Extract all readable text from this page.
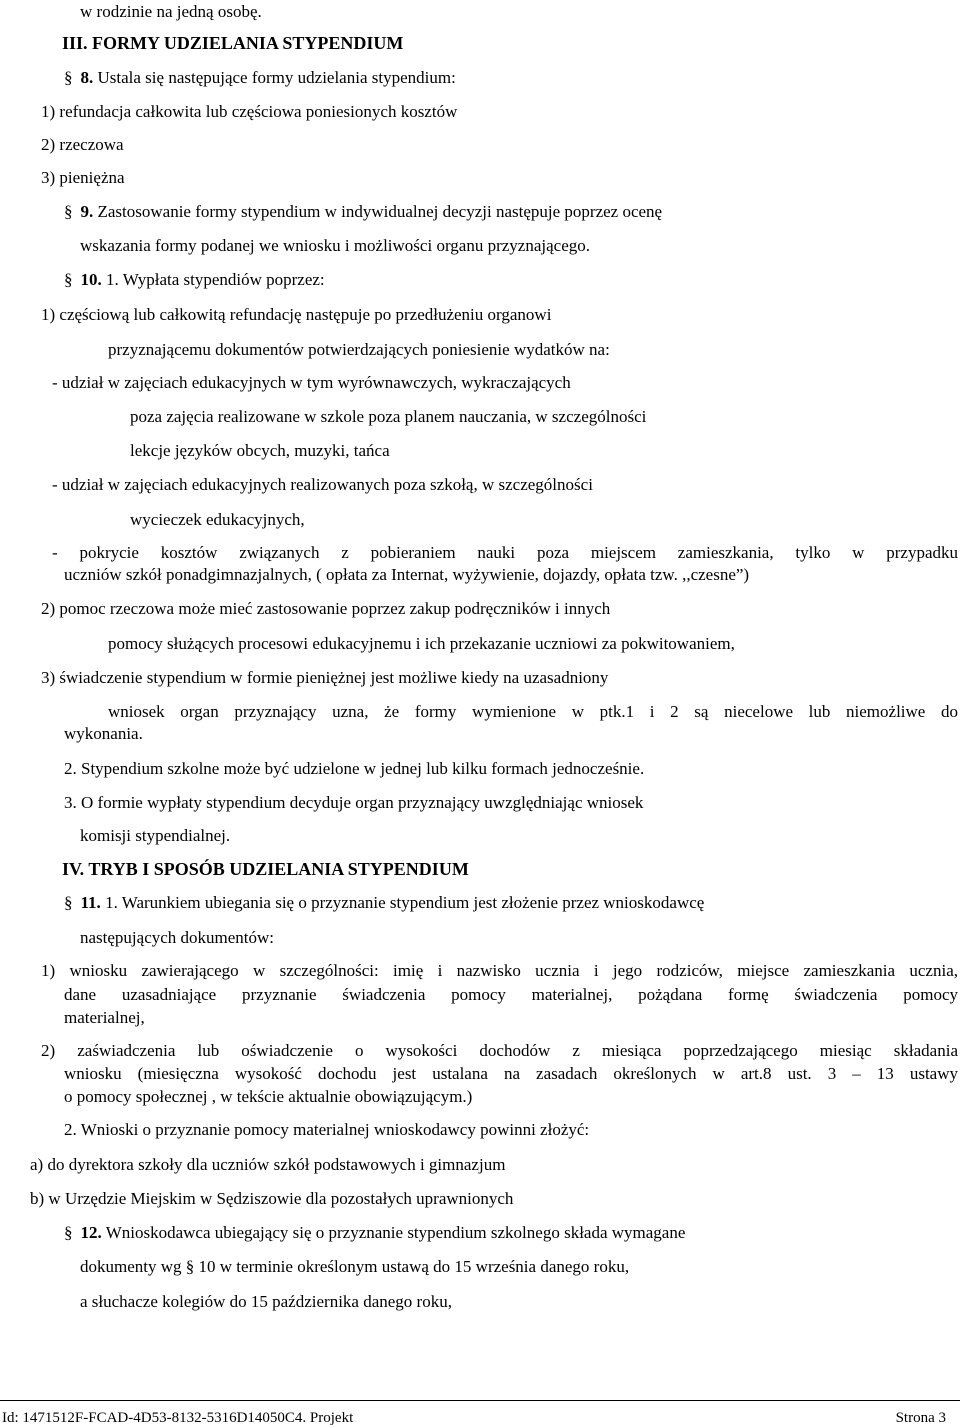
w rodzinie na jedną osobę.
III. FORMY UDZIELANIA STYPENDIUM
§ 8. Ustala się następujące formy udzielania stypendium:
1) refundacja całkowita lub częściowa poniesionych kosztów
2) rzeczowa
3) pieniężna
§ 9. Zastosowanie formy stypendium w indywidualnej decyzji następuje poprzez ocenę
wskazania formy podanej we wniosku i możliwości organu przyznającego.
§ 10. 1. Wypłata stypendiów poprzez:
1) częściową lub całkowitą refundację następuje po przedłużeniu organowi
przyznającemu dokumentów potwierdzających poniesienie wydatków na:
- udział w zajęciach edukacyjnych w tym wyrównawczych, wykraczających
poza zajęcia realizowane w szkole poza planem nauczania, w szczególności
lekcje języków obcych, muzyki, tańca
- udział w zajęciach edukacyjnych realizowanych poza szkołą, w szczególności
wycieczek edukacyjnych,
- pokrycie kosztów związanych z pobieraniem nauki poza miejscem zamieszkania, tylko w przypadku
uczniów szkół ponadgimnazjalnych, ( opłata za Internat, wyżywienie, dojazdy, opłata tzw. ,,czesne”)
2) pomoc rzeczowa może mieć zastosowanie poprzez zakup podręczników i innych
pomocy służących procesowi edukacyjnemu i ich przekazanie uczniowi za pokwitowaniem,
3) świadczenie stypendium w formie pieniężnej jest możliwe kiedy na uzasadniony
wniosek organ przyznający uzna, że formy wymienione w ptk.1 i 2 są niecelowe lub niemożliwe do
wykonania.
2. Stypendium szkolne może być udzielone w jednej lub kilku formach jednocześnie.
3. O formie wypłaty stypendium decyduje organ przyznający uwzględniając wniosek
komisji stypendialnej.
IV. TRYB I SPOSÓB UDZIELANIA STYPENDIUM
§ 11. 1. Warunkiem ubiegania się o przyznanie stypendium jest złożenie przez wnioskodawcę
następujących dokumentów:
1) wniosku zawierającego w szczególności: imię i nazwisko ucznia i jego rodziców, miejsce zamieszkania ucznia,
dane uzasadniające przyznanie świadczenia pomocy materialnej, pożądana formę świadczenia pomocy
materialnej,
2) zaświadczenia lub oświadczenie o wysokości dochodów z miesiąca poprzedzającego miesiąc składania
wniosku (miesięczna wysokość dochodu jest ustalana na zasadach określonych w art.8 ust. 3 – 13 ustawy
o pomocy społecznej , w tekście aktualnie obowiązującym.)
2. Wnioski o przyznanie pomocy materialnej wnioskodawcy powinni złożyć:
a) do dyrektora szkoły dla uczniów szkół podstawowych i gimnazjum
b) w Urzędzie Miejskim w Sędziszowie dla pozostałych uprawnionych
§ 12. Wnioskodawca ubiegający się o przyznanie stypendium szkolnego składa wymagane
dokumenty wg § 10 w terminie określonym ustawą do 15 września danego roku,
a słuchacze kolegiów do 15 października danego roku,
Id: 1471512F-FCAD-4D53-8132-5316D14050C4. Projekt	Strona 3
